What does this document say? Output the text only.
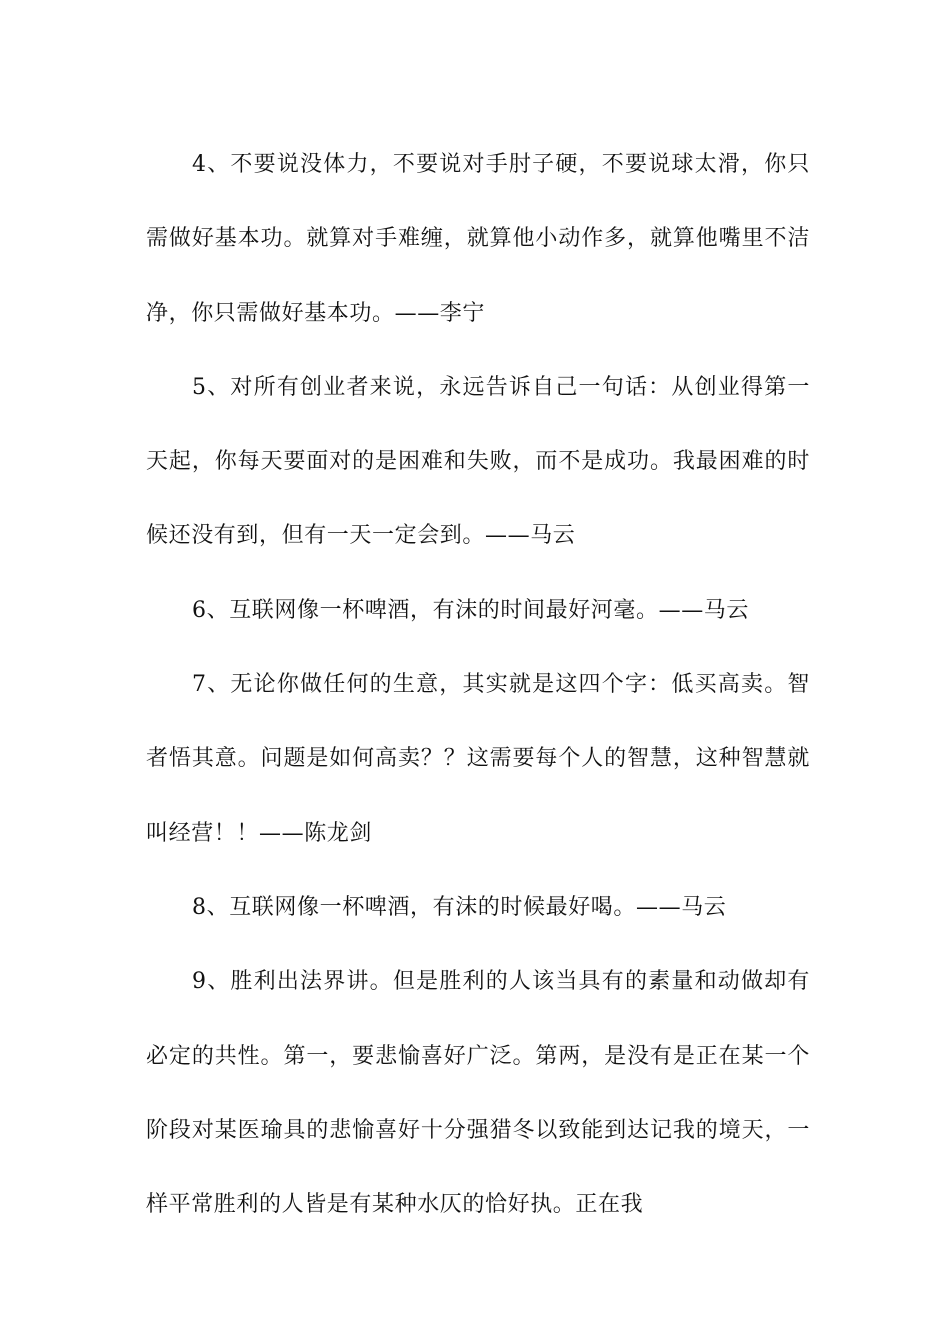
4、不要说没体力，不要说对手肘子硬，不要说球太滑，你只需做好基本功。就算对手难缠，就算他小动作多，就算他嘴里不洁净，你只需做好基本功。——李宁

5、对所有创业者来说，永远告诉自己一句话：从创业得第一天起，你每天要面对的是困难和失败，而不是成功。我最困难的时候还没有到，但有一天一定会到。——马云

6、互联网像一杯啤酒，有沫的时间最好河毫。——马云

7、无论你做任何的生意，其实就是这四个字：低买高卖。智者悟其意。问题是如何高卖？？这需要每个人的智慧，这种智慧就叫经营！！——陈龙剑

8、互联网像一杯啤酒，有沫的时候最好喝。——马云

9、胜利出法界讲。但是胜利的人该当具有的素量和动做却有必定的共性。第一，要悲愉喜好广泛。第两，是没有是正在某一个阶段对某医瑜具的悲愉喜好十分强猎冬以致能到达记我的境天，一样平常胜利的人皆是有某种水仄的恰好执。正在我
